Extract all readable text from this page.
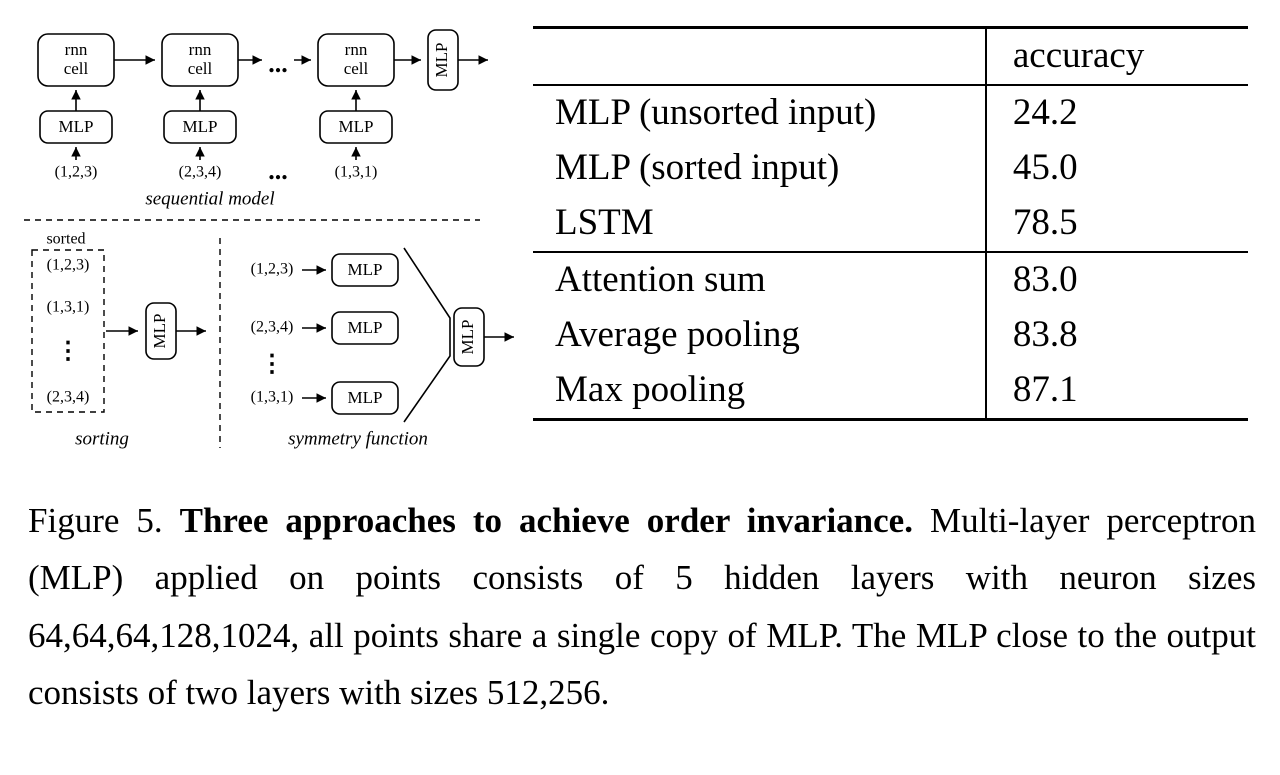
rnn
cell
rnn
cell
rnn
cell
...	MLP
MLP	MLP	MLP
(1,2,3)	(2,3,4) ...	(1,3,1)
sequential model
sorted
(1,2,3)
(1,3,1)
⋮
(2,3,4)
MLP
sorting
(1,2,3)
(2,3,4)
⋮
(1,3,1)
MLP
MLP
MLP
MLP
symmetry function
	accuracy
MLP (unsorted input)	24.2
MLP (sorted input)	45.0
LSTM	78.5
Attention sum	83.0
Average pooling	83.8
Max pooling	87.1
Figure 5. Three approaches to achieve order invariance. Multi-layer perceptron (MLP) applied on points consists of 5 hidden layers with neuron sizes 64,64,64,128,1024, all points share a single copy of MLP. The MLP close to the output consists of two layers with sizes 512,256.
